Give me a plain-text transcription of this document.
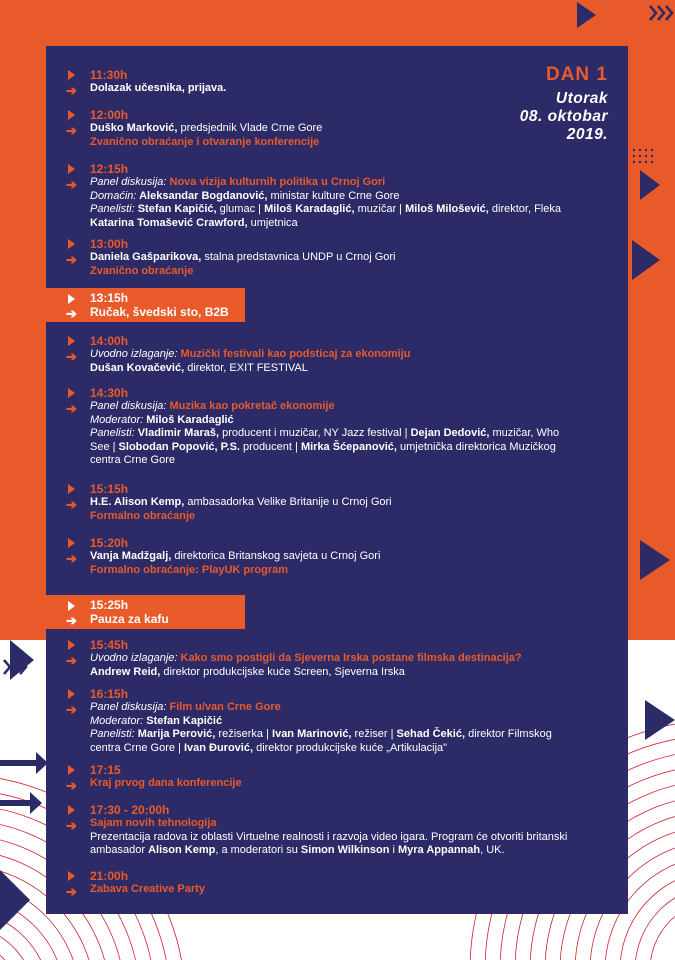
DAN 1
Utorak
08. oktobar
2019.
➔
11:30h
Dolazak učesnika, prijava.
➔
12:00h
Duško Marković, predsjednik Vlade Crne Gore
Zvanično obraćanje i otvaranje konferencije
➔
12:15h
Panel diskusija: Nova vizija kulturnih politika u Crnoj Gori
Domaćin: Aleksandar Bogdanović, ministar kulture Crne Gore
Panelisti: Stefan Kapičić, glumac | Miloš Karadaglić, muzičar | Miloš Milošević, direktor, Fleka
Katarina Tomašević Crawford, umjetnica
➔
13:00h
Daniela Gašparikova, stalna predstavnica UNDP u Crnoj Gori
Zvanično obraćanje
➔
14:00h
Uvodno izlaganje: Muzički festivali kao podsticaj za ekonomiju
Dušan Kovačević, direktor, EXIT FESTIVAL
➔
14:30h
Panel diskusija: Muzika kao pokretač ekonomije
Moderator: Miloš Karadaglić
Panelisti: Vladimir Maraš, producent i muzičar, NY Jazz festival | Dejan Dedović, muzičar, Who
See | Slobodan Popović, P.S. producent | Mirka Šćepanović, umjetnička direktorica Muzičkog
centra Crne Gore
➔
15:15h
H.E. Alison Kemp, ambasadorka Velike Britanije u Crnoj Gori
Formalno obraćanje
➔
15:20h
Vanja Madžgalj, direktorica Britanskog savjeta u Crnoj Gori
Formalno obraćanje: PlayUK program
➔
15:45h
Uvodno izlaganje: Kako smo postigli da Sjeverna Irska postane filmska destinacija?
Andrew Reid, direktor produkcijske kuće Screen, Sjeverna Irska
➔
16:15h
Panel diskusija: Film u/van Crne Gore
Moderator: Stefan Kapičić
Panelisti: Marija Perović, režiserka | Ivan Marinović, režiser | Sehad Čekić, direktor Filmskog
centra Crne Gore | Ivan Đurović, direktor produkcijske kuće „Artikulacija"
➔
17:15
Kraj prvog dana konferencije
➔
17:30 - 20:00h
Sajam novih tehnologija
Prezentacija radova iz oblasti Virtuelne realnosti i razvoja video igara. Program će otvoriti britanski
ambasador Alison Kemp, a moderatori su Simon Wilkinson i Myra Appannah, UK.
➔
21:00h
Zabava Creative Party
➔
13:15h
Ručak, švedski sto, B2B
➔
15:25h
Pauza za kafu
